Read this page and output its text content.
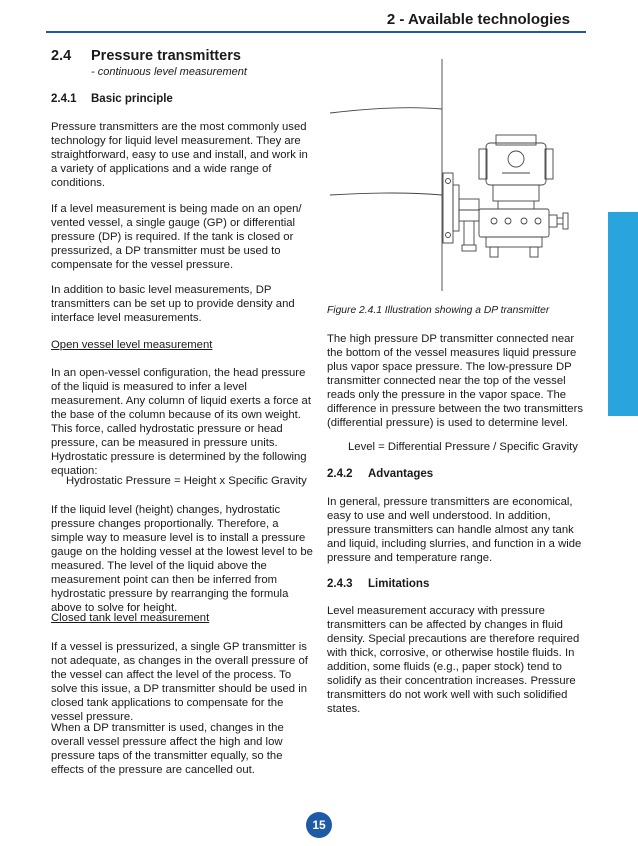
2 - Available technologies
2.4 Pressure transmitters
- continuous level measurement
2.4.1 Basic principle

Pressure transmitters are the most commonly used technology for liquid level measurement. They are straightforward, easy to use and install, and work in a variety of applications and a wide range of conditions.

If a level measurement is being made on an open/ vented vessel, a single gauge (GP) or differential pressure (DP) is required. If the tank is closed or pressurized, a DP transmitter must be used to compensate for the vessel pressure.

In addition to basic level measurements, DP transmitters can be set up to provide density and interface level measurements.

Open vessel level measurement

In an open-vessel configuration, the head pressure of the liquid is measured to infer a level measurement. Any column of liquid exerts a force at the base of the column because of its own weight. This force, called hydrostatic pressure or head pressure, can be measured in pressure units. Hydrostatic pressure is determined by the following equation:

Hydrostatic Pressure = Height x Specific Gravity

If the liquid level (height) changes, hydrostatic pressure changes proportionally. Therefore, a simple way to measure level is to install a pressure gauge on the holding vessel at the lowest level to be measured. The level of the liquid above the measurement point can then be inferred from hydrostatic pressure by rearranging the formula above to solve for height.

Closed tank level measurement

If a vessel is pressurized, a single GP transmitter is not adequate, as changes in the overall pressure of the vessel can affect the level of the process. To solve this issue, a DP transmitter should be used in closed tank applications to compensate for the vessel pressure.

When a DP transmitter is used, changes in the overall vessel pressure affect the high and low pressure taps of the transmitter equally, so the effects of the pressure are cancelled out.

Figure 2.4.1 Illustration showing a DP transmitter

The high pressure DP transmitter connected near the bottom of the vessel measures liquid pressure plus vapor space pressure. The low-pressure DP transmitter connected near the top of the vessel reads only the pressure in the vapor space. The difference in pressure between the two transmitters (differential pressure) is used to determine level.

Level = Differential Pressure / Specific Gravity
2.4.2 Advantages

In general, pressure transmitters are economical, easy to use and well understood. In addition, pressure transmitters can handle almost any tank and liquid, including slurries, and function in a wide pressure and temperature range.

2.4.3 Limitations

Level measurement accuracy with pressure transmitters can be affected by changes in fluid density. Special precautions are therefore required with thick, corrosive, or otherwise hostile fluids. In addition, some fluids (e.g., paper stock) tend to solidify as their concentration increases. Pressure transmitters do not work well with such solidified states.

15
